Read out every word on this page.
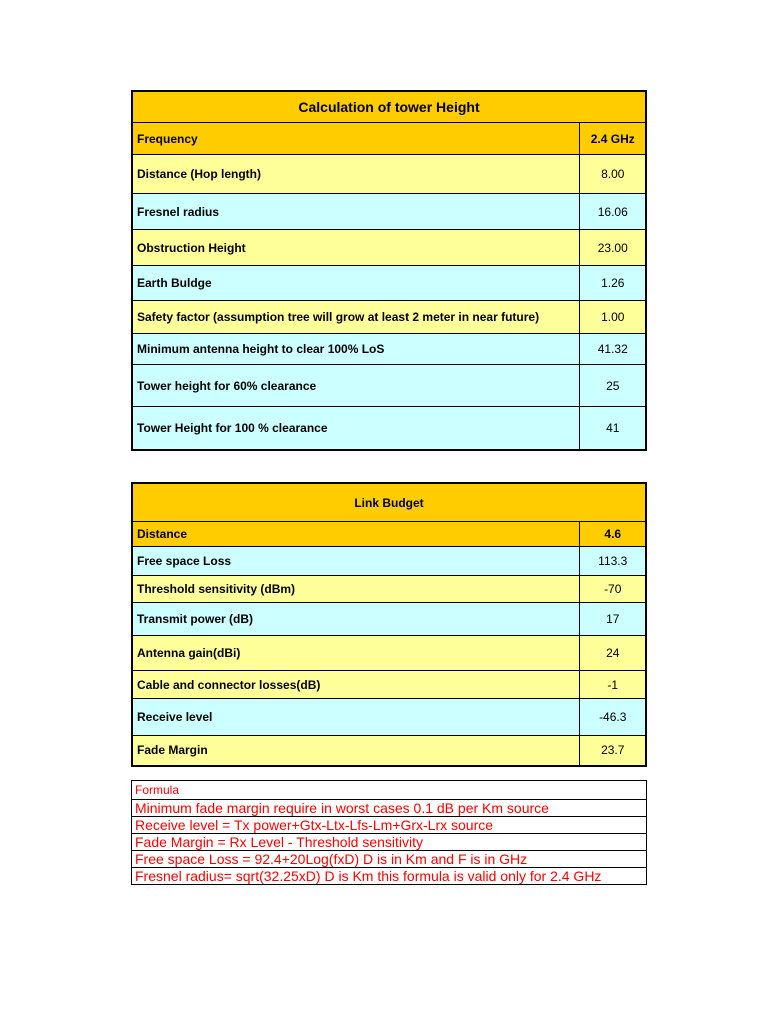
Calculation of tower Height	
Frequency	2.4 GHz
Distance (Hop length)	8.00
Fresnel radius	16.06
Obstruction Height	23.00
Earth Buldge	1.26
Safety factor (assumption tree will grow at least 2 meter in near future)	1.00
Minimum antenna height to clear 100% LoS	41.32
Tower height for 60% clearance	25
Tower Height for 100 % clearance	41
Link Budget	
Distance	4.6
Free space Loss	113.3
Threshold sensitivity (dBm)	-70
Transmit power (dB)	17
Antenna gain(dBi)	24
Cable and connector losses(dB)	-1
Receive level	-46.3
Fade Margin	23.7
Formula
Minimum fade margin require in worst cases 0.1 dB per Km source
Receive level = Tx power+Gtx-Ltx-Lfs-Lm+Grx-Lrx source
Fade Margin = Rx Level - Threshold sensitivity
Free space Loss = 92.4+20Log(fxD) D is in Km and F is in GHz
Fresnel radius= sqrt(32.25xD) D is Km this formula is valid only for 2.4 GHz
